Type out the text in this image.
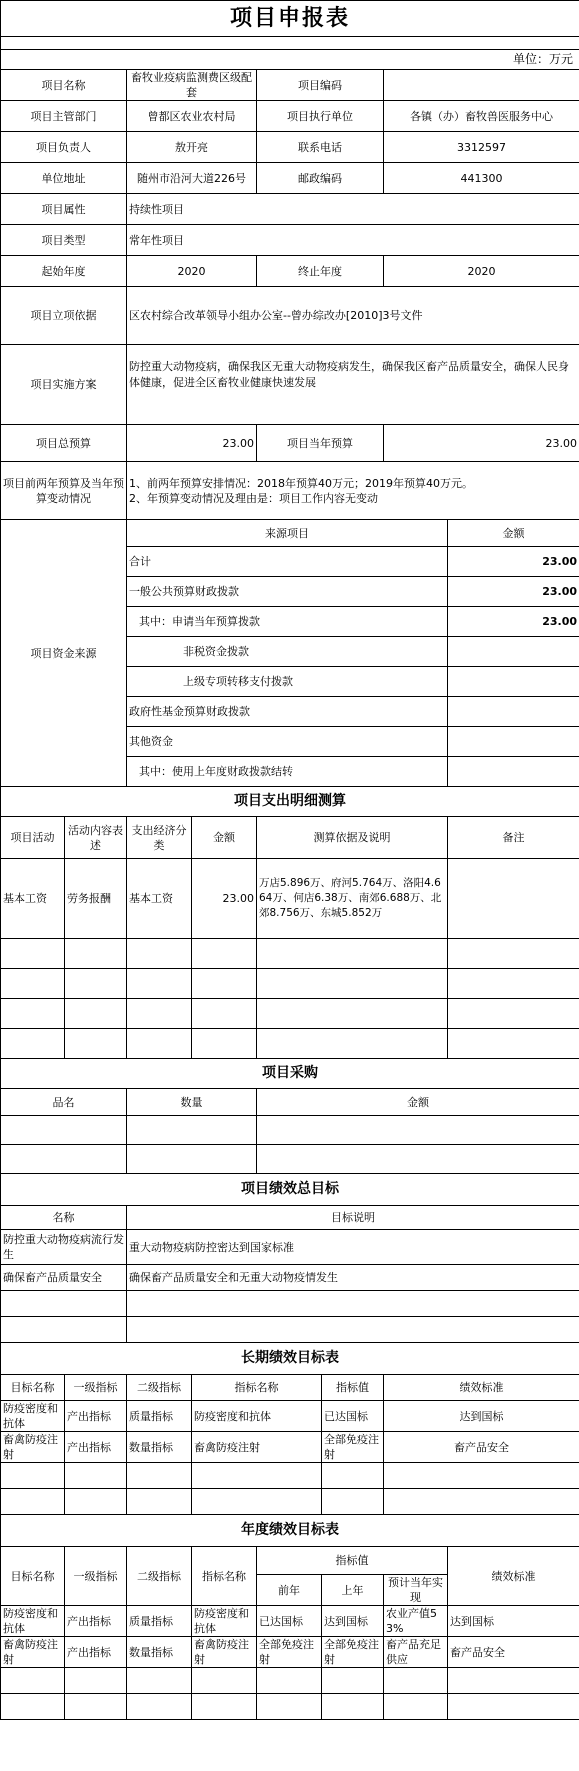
项目申报表							

单位：万元							
项目名称		畜牧业疫病监测费区级配套		项目编码			
项目主管部门		曾都区农业农村局		项目执行单位		各镇（办）畜牧兽医服务中心	
项目负责人		敖开亮		联系电话		3312597	
单位地址		随州市沿河大道226号		邮政编码		441300	
项目属性		持续性项目					
项目类型		常年性项目					
起始年度		2020		终止年度		2020	
项目立项依据		区农村综合改革领导小组办公室--曾办综改办[2010]3号文件					
项目实施方案		防控重大动物疫病，确保我区无重大动物疫病发生，确保我区畜产品质量安全，确保人民身体健康，促进全区畜牧业健康快速发展					
项目总预算		23.00		项目当年预算		23.00	
项目前两年预算及当年预算变动情况		1、前两年预算安排情况：2018年预算40万元；2019年预算40万元。
2、年预算变动情况及理由是：项目工作内容无变动					

项目资金来源		来源项目					金额
		合计					23.00
		一般公共预算财政拨款					23.00
		其中：申请当年预算拨款					23.00
		非税资金拨款					
		上级专项转移支付拨款					
		政府性基金预算财政拨款					
		其他资金					
		其中：使用上年度财政拨款结转					
项目支出明细测算							
项目活动	活动内容表述	支出经济分类	金额	测算依据及说明			备注
基本工资	劳务报酬	基本工资	23.00	万店5.896万、府河5.764万、洛阳4.664万、何店6.38万、南郊6.688万、北郊8.756万、东城5.852万			

项目采购							
品名		数量		金额			

项目绩效总目标							
名称		目标说明					
防控重大动物疫病流行发生		重大动物疫病防控密达到国家标准					
确保畜产品质量安全		确保畜产品质量安全和无重大动物疫情发生					

长期绩效目标表							
目标名称	一级指标	二级指标	指标名称		指标值	绩效标准	
防疫密度和抗体	产出指标	质量指标	防疫密度和抗体		已达国标	达到国标	
畜禽防疫注射	产出指标	数量指标	畜禽防疫注射		全部免疫注射	畜产品安全	

年度绩效目标表							
目标名称	一级指标	二级指标	指标名称	指标值			绩效标准
				前年	上年	预计当年实现	
防疫密度和抗体	产出指标	质量指标	防疫密度和抗体	已达国标	达到国标	农业产值53%	达到国标
畜禽防疫注射	产出指标	数量指标	畜禽防疫注射	全部免疫注射	全部免疫注射	畜产品充足供应	畜产品安全
